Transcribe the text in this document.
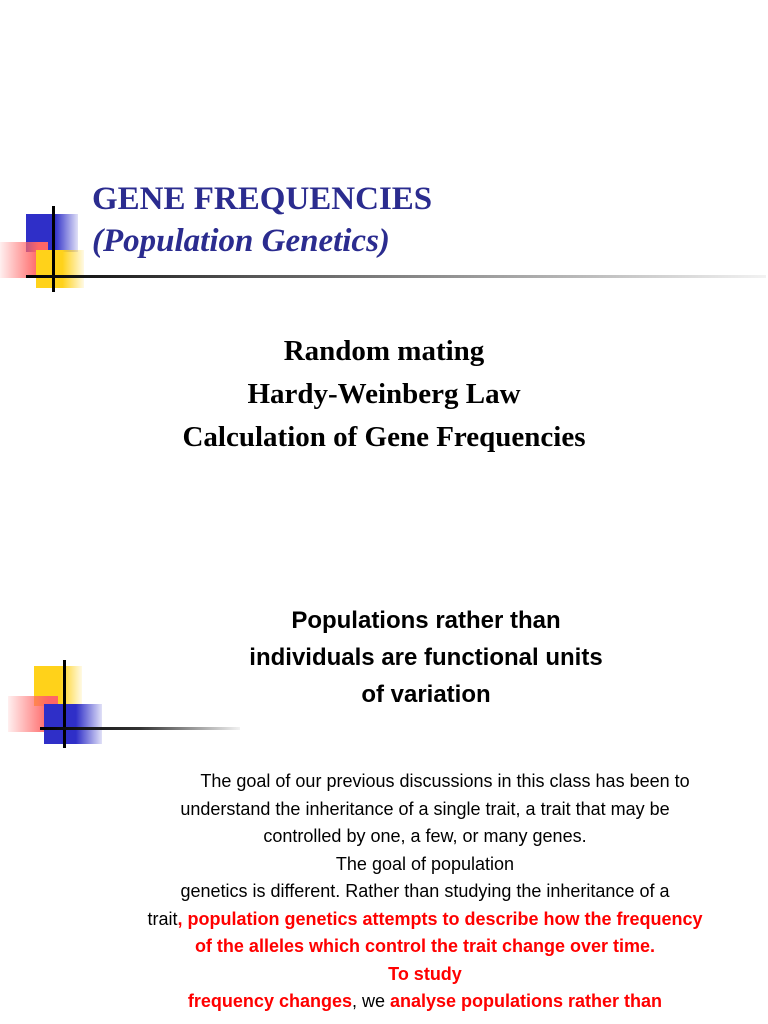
GENE FREQUENCIES
(Population Genetics)
Random mating
Hardy-Weinberg Law
Calculation of Gene Frequencies
Populations rather than
individuals are functional units
of variation
The goal of our previous discussions in this class has been to
understand the inheritance of a single trait, a trait that may be
controlled by one, a few, or many genes.
The goal of population
genetics is different. Rather than studying the inheritance of a
trait, population genetics attempts to describe how the frequency
of the alleles which control the trait change over time.
To study
frequency changes, we analyse populations rather than
